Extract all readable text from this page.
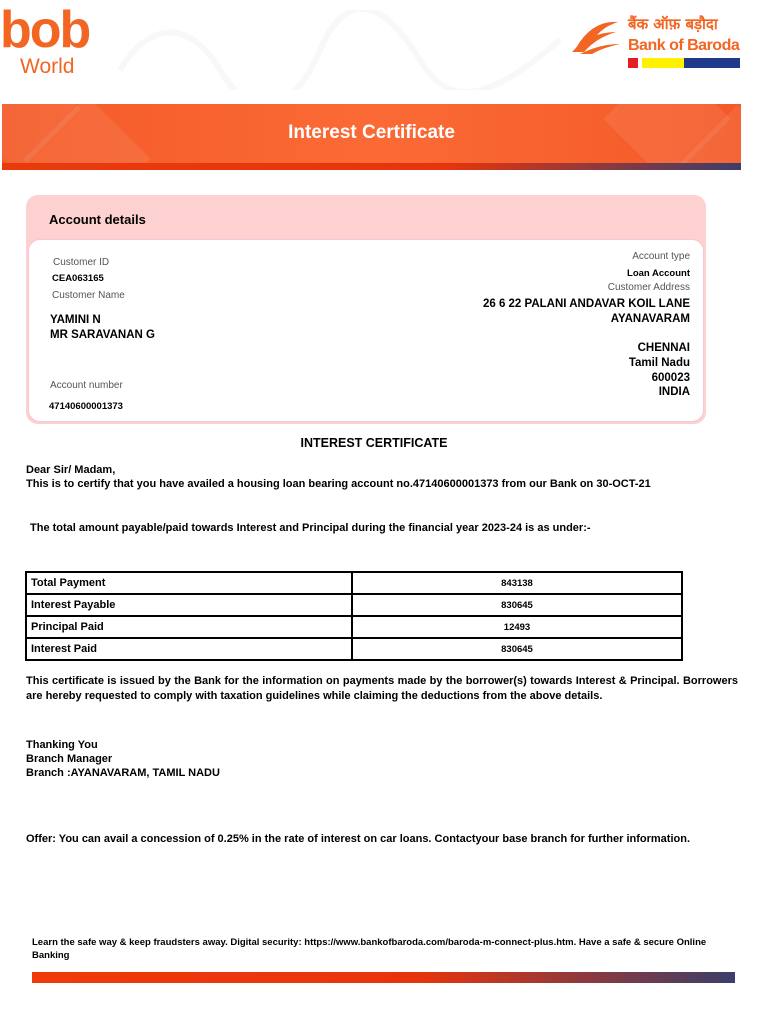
bob
World
बैंक ऑफ़ बड़ौदा
Bank of Baroda
Interest Certificate
Account details
Customer ID
CEA063165
Customer Name
YAMINI N
MR SARAVANAN G
Account number
47140600001373
Account type
Loan Account
Customer Address
26 6 22 PALANI ANDAVAR KOIL LANE
AYANAVARAM
CHENNAI
Tamil Nadu
600023
INDIA
INTEREST CERTIFICATE
Dear Sir/ Madam,
This is to certify that you have availed a housing loan bearing account no.47140600001373 from our Bank on 30-OCT-21
The total amount payable/paid towards Interest and Principal during the financial year 2023-24 is as under:-
Total Payment	843138
Interest Payable	830645
Principal Paid	12493
Interest Paid	830645
This certificate is issued by the Bank for the information on payments made by the borrower(s) towards Interest & Principal. Borrowers are hereby requested to comply with taxation guidelines while claiming the deductions from the above details.
Thanking You
Branch Manager
Branch :AYANAVARAM, TAMIL NADU
Offer: You can avail a concession of 0.25% in the rate of interest on car loans. Contactyour base branch for further information.
Learn the safe way & keep fraudsters away. Digital security: https://www.bankofbaroda.com/baroda-m-connect-plus.htm. Have a safe & secure Online Banking
